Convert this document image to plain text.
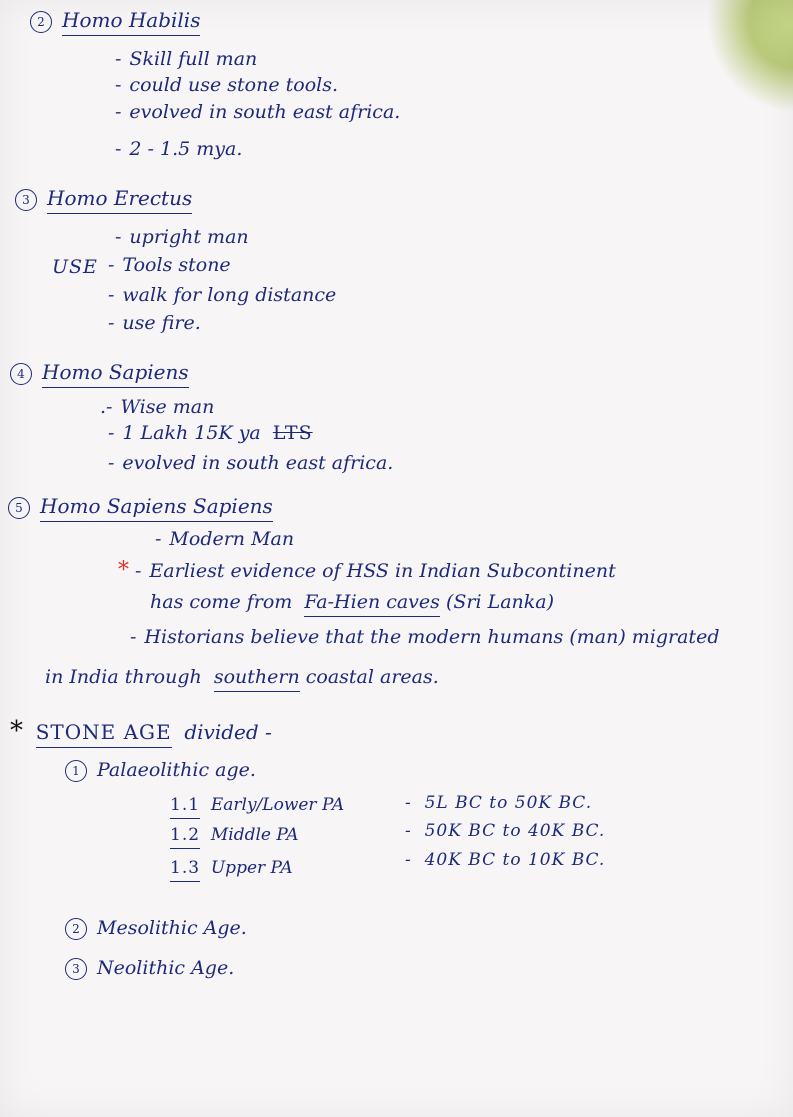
2 Homo Habilis
- Skill full man
- could use stone tools.
- evolved in south east africa.
- 2 - 1.5 mya.
3 Homo Erectus
- upright man
USE - Tools stone
- walk for long distance
- use fire.
4 Homo Sapiens
.- Wise man
- 1 Lakh 15K ya LTS
- evolved in south east africa.
5 Homo Sapiens Sapiens
- Modern Man
* - Earliest evidence of HSS in Indian Subcontinent
has come from Fa-Hien caves (Sri Lanka)
- Historians believe that the modern humans (man) migrated
in India through southern coastal areas.
* STONE AGE divided -
1 Palaeolithic age.
1.1 Early/Lower PA	-  5L BC to 50K BC.
1.2 Middle PA	-  50K BC to 40K BC.
1.3 Upper PA	-  40K BC to 10K BC.
2 Mesolithic Age.
3 Neolithic Age.
